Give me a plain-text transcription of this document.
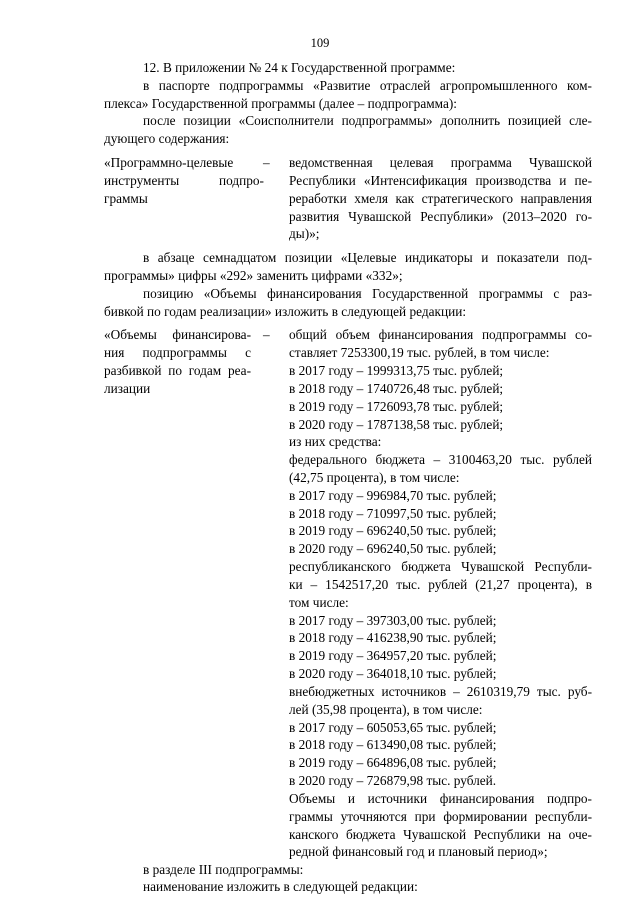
109
12. В приложении № 24 к Государственной программе:
в паспорте подпрограммы «Развитие отраслей агропромышленного ком-
плекса» Государственной программы (далее – подпрограмма):
после позиции «Соисполнители подпрограммы» дополнить позицией сле-
дующего содержания:
«Программно-целевые –
инструменты	подпро-
граммы
ведомственная целевая программа Чувашской
Республики «Интенсификация производства и пе-
реработки хмеля как стратегического направления
развития Чувашской Республики» (2013–2020 го-
ды)»;
в абзаце семнадцатом позиции «Целевые индикаторы и показатели под-
программы» цифры «292» заменить цифрами «332»;
позицию «Объемы финансирования Государственной программы с раз-
бивкой по годам реализации» изложить в следующей редакции:
«Объемы финансирова-
ния подпрограммы с
разбивкой по годам реа-
лизации
– общий объем финансирования подпрограммы со-
ставляет 7253300,19 тыс. рублей, в том числе:
в 2017 году – 1999313,75 тыс. рублей;
в 2018 году – 1740726,48 тыс. рублей;
в 2019 году – 1726093,78 тыс. рублей;
в 2020 году – 1787138,58 тыс. рублей;
из них средства:
федерального бюджета – 3100463,20 тыс. рублей
(42,75 процента), в том числе:
в 2017 году – 996984,70 тыс. рублей;
в 2018 году – 710997,50 тыс. рублей;
в 2019 году – 696240,50 тыс. рублей;
в 2020 году – 696240,50 тыс. рублей;
республиканского бюджета Чувашской Республи-
ки – 1542517,20 тыс. рублей (21,27 процента), в
том числе:
в 2017 году – 397303,00 тыс. рублей;
в 2018 году – 416238,90 тыс. рублей;
в 2019 году – 364957,20 тыс. рублей;
в 2020 году – 364018,10 тыс. рублей;
внебюджетных источников – 2610319,79 тыс. руб-
лей (35,98 процента), в том числе:
в 2017 году – 605053,65 тыс. рублей;
в 2018 году – 613490,08 тыс. рублей;
в 2019 году – 664896,08 тыс. рублей;
в 2020 году – 726879,98 тыс. рублей.
Объемы и источники финансирования подпро-
граммы уточняются при формировании республи-
канского бюджета Чувашской Республики на оче-
редной финансовый год и плановый период»;
в разделе III подпрограммы:
наименование изложить в следующей редакции:
